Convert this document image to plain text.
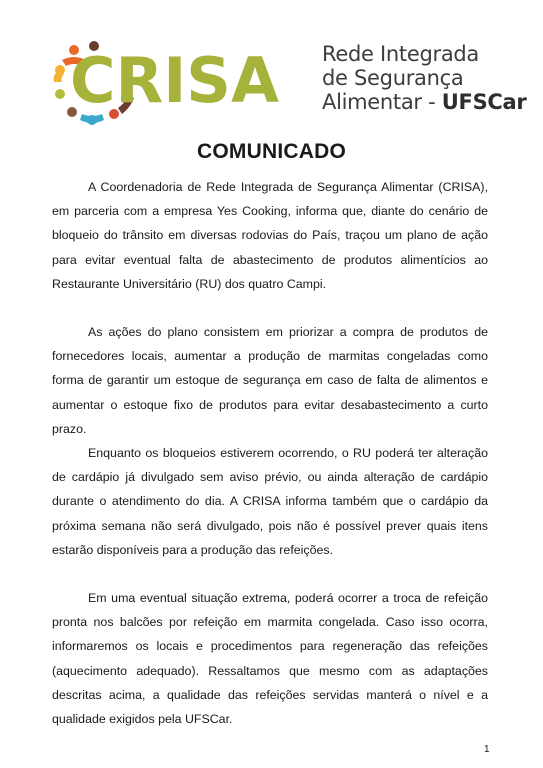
CRISA Rede Integrada
de Segurança
Alimentar - UFSCar
COMUNICADO

A Coordenadoria de Rede Integrada de Segurança Alimentar (CRISA), em parceria com a empresa Yes Cooking, informa que, diante do cenário de bloqueio do trânsito em diversas rodovias do País, traçou um plano de ação para evitar eventual falta de abastecimento de produtos alimentícios ao Restaurante Universitário (RU) dos quatro Campi.

As ações do plano consistem em priorizar a compra de produtos de fornecedores locais, aumentar a produção de marmitas congeladas como forma de garantir um estoque de segurança em caso de falta de alimentos e aumentar o estoque fixo de produtos para evitar desabastecimento a curto prazo.

Enquanto os bloqueios estiverem ocorrendo, o RU poderá ter alteração de cardápio já divulgado sem aviso prévio, ou ainda alteração de cardápio durante o atendimento do dia. A CRISA informa também que o cardápio da próxima semana não será divulgado, pois não é possível prever quais itens estarão disponíveis para a produção das refeições.

Em uma eventual situação extrema, poderá ocorrer a troca de refeição pronta nos balcões por refeição em marmita congelada. Caso isso ocorra, informaremos os locais e procedimentos para regeneração das refeições (aquecimento adequado). Ressaltamos que mesmo com as adaptações descritas acima, a qualidade das refeições servidas manterá o nível e a qualidade exigidos pela UFSCar.

1
